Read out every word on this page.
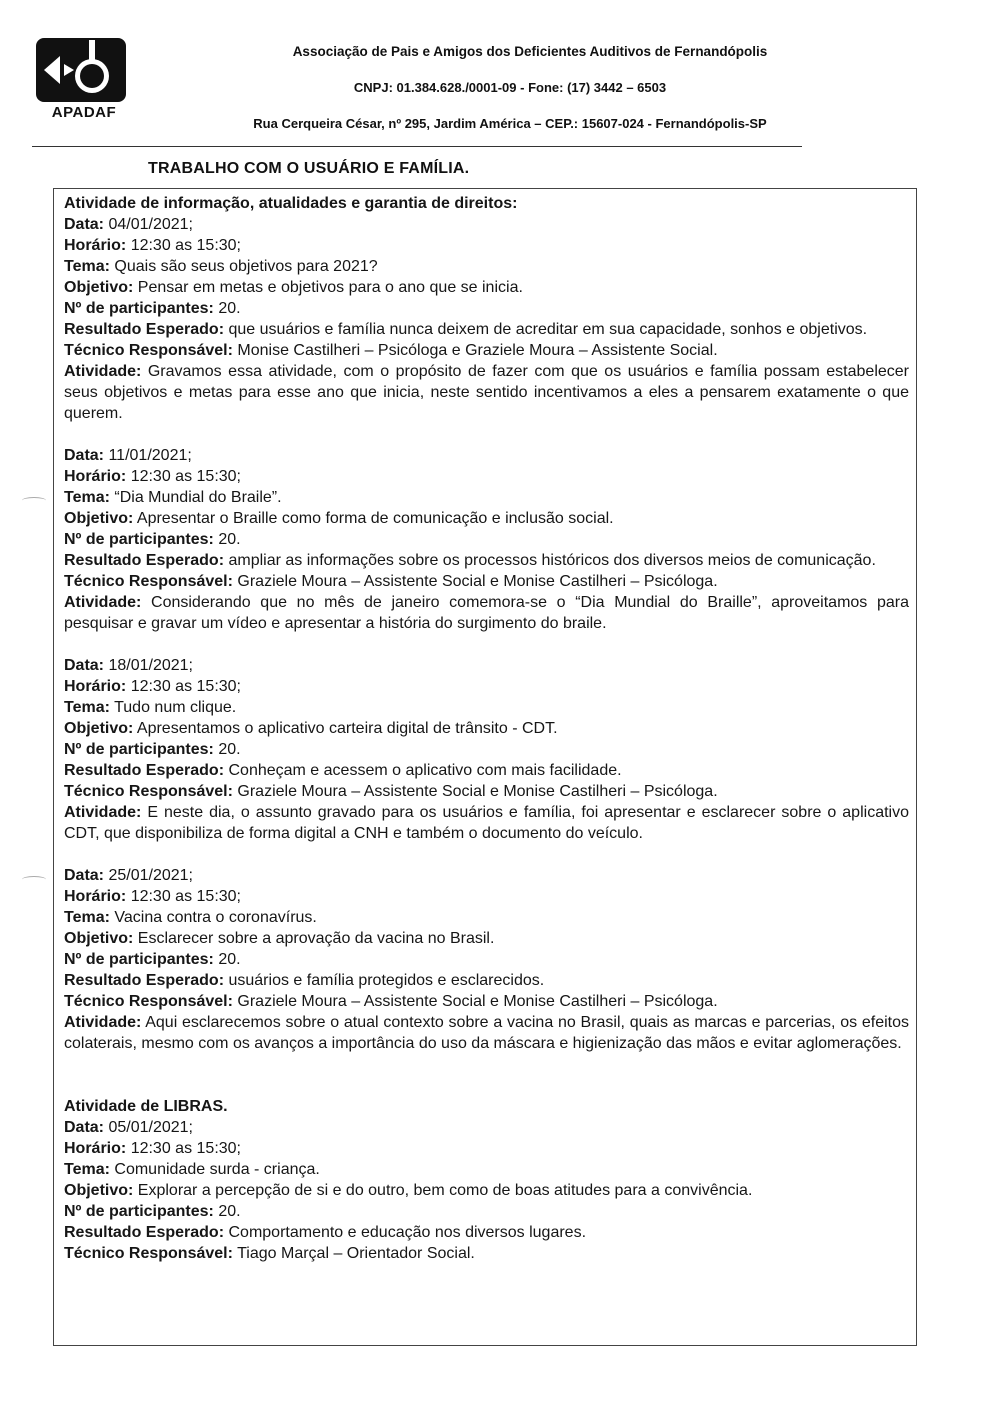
APADAF
Associação de Pais e Amigos dos Deficientes Auditivos de Fernandópolis
CNPJ: 01.384.628./0001-09 - Fone: (17) 3442 – 6503
Rua Cerqueira César, nº 295, Jardim América – CEP.: 15607-024 - Fernandópolis-SP
TRABALHO COM O USUÁRIO E FAMÍLIA.

Atividade de informação, atualidades e garantia de direitos:

Data: 04/01/2021;

Horário: 12:30 as 15:30;

Tema: Quais são seus objetivos para 2021?

Objetivo: Pensar em metas e objetivos para o ano que se inicia.

Nº de participantes: 20.

Resultado Esperado: que usuários e família nunca deixem de acreditar em sua capacidade, sonhos e objetivos.

Técnico Responsável: Monise Castilheri – Psicóloga e Graziele Moura – Assistente Social.

Atividade: Gravamos essa atividade, com o propósito de fazer com que os usuários e família possam estabelecer seus objetivos e metas para esse ano que inicia, neste sentido incentivamos a eles a pensarem exatamente o que querem.

Data: 11/01/2021;

Horário: 12:30 as 15:30;

Tema: “Dia Mundial do Braile”.

Objetivo: Apresentar o Braille como forma de comunicação e inclusão social.

Nº de participantes: 20.

Resultado Esperado: ampliar as informações sobre os processos históricos dos diversos meios de comunicação.

Técnico Responsável: Graziele Moura – Assistente Social e Monise Castilheri – Psicóloga.

Atividade: Considerando que no mês de janeiro comemora-se o “Dia Mundial do Braille”, aproveitamos para pesquisar e gravar um vídeo e apresentar a história do surgimento do braile.

Data: 18/01/2021;

Horário: 12:30 as 15:30;

Tema: Tudo num clique.

Objetivo: Apresentamos o aplicativo carteira digital de trânsito - CDT.

Nº de participantes: 20.

Resultado Esperado: Conheçam e acessem o aplicativo com mais facilidade.

Técnico Responsável: Graziele Moura – Assistente Social e Monise Castilheri – Psicóloga.

Atividade: E neste dia, o assunto gravado para os usuários e família, foi apresentar e esclarecer sobre o aplicativo CDT, que disponibiliza de forma digital a CNH e também o documento do veículo.

Data: 25/01/2021;

Horário: 12:30 as 15:30;

Tema: Vacina contra o coronavírus.

Objetivo: Esclarecer sobre a aprovação da vacina no Brasil.

Nº de participantes: 20.

Resultado Esperado: usuários e família protegidos e esclarecidos.

Técnico Responsável: Graziele Moura – Assistente Social e Monise Castilheri – Psicóloga.

Atividade: Aqui esclarecemos sobre o atual contexto sobre a vacina no Brasil, quais as marcas e parcerias, os efeitos colaterais, mesmo com os avanços a importância do uso da máscara e higienização das mãos e evitar aglomerações.

Atividade de LIBRAS.

Data: 05/01/2021;

Horário: 12:30 as 15:30;

Tema: Comunidade surda - criança.

Objetivo: Explorar a percepção de si e do outro, bem como de boas atitudes para a convivência.

Nº de participantes: 20.

Resultado Esperado: Comportamento e educação nos diversos lugares.

Técnico Responsável: Tiago Marçal – Orientador Social.
